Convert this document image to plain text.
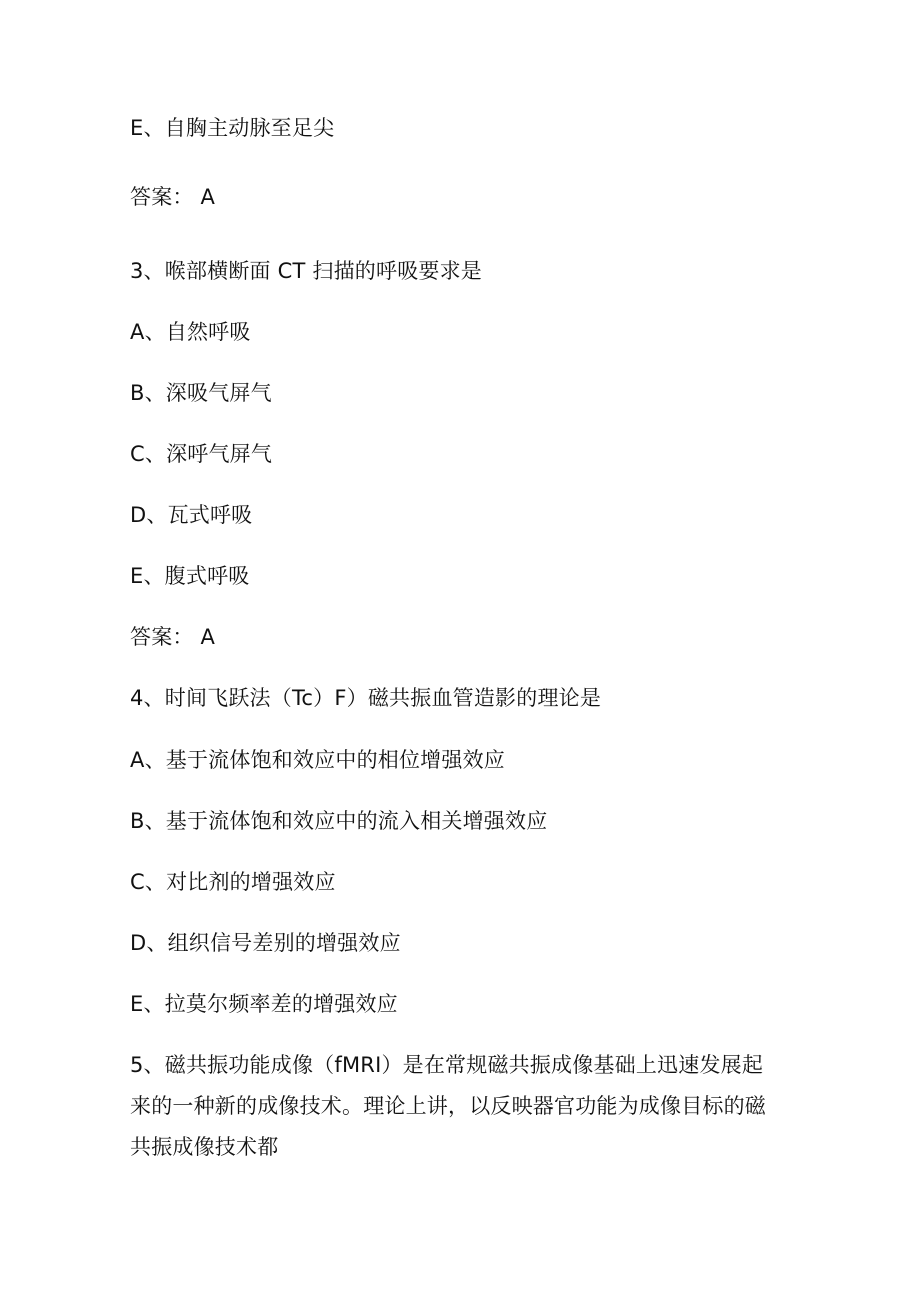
E、自胸主动脉至足尖
答案： A
3、喉部横断面 CT 扫描的呼吸要求是
A、自然呼吸
B、深吸气屏气
C、深呼气屏气
D、瓦式呼吸
E、腹式呼吸
答案： A
4、时间飞跃法（Tc）F）磁共振血管造影的理论是
A、基于流体饱和效应中的相位增强效应
B、基于流体饱和效应中的流入相关增强效应
C、对比剂的增强效应
D、组织信号差别的增强效应
E、拉莫尔频率差的增强效应
5、磁共振功能成像（fMRI）是在常规磁共振成像基础上迅速发展起
来的一种新的成像技术。理论上讲，以反映器官功能为成像目标的磁
共振成像技术都
